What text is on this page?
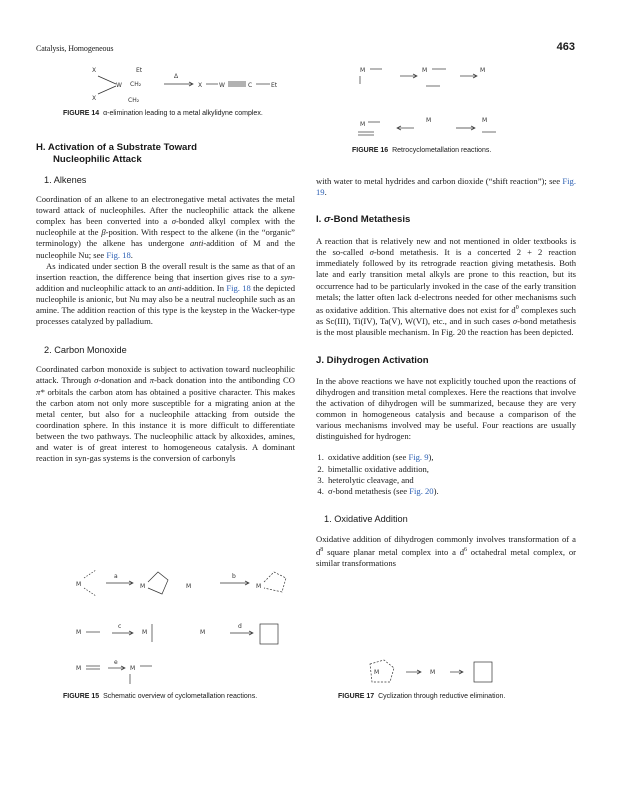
Catalysis, Homogeneous	463
X	Et
W CH₂
X	CH₂
Δ
X	W	C	Et
FIGURE 14 α-elimination leading to a metal alkylidyne complex.
H. Activation of a Substrate Toward
Nucleophilic Attack
1. Alkenes

Coordination of an alkene to an electronegative metal activates the metal toward attack of nucleophiles. After the nucleophilic attack the alkene complex has been converted into a σ-bonded alkyl complex with the nucleophile at the β-position. With respect to the alkene (in the “organic” terminology) the alkene has undergone anti-addition of M and the nucleophile Nu; see Fig. 18.

As indicated under section B the overall result is the same as that of an insertion reaction, the difference being that insertion gives rise to a syn-addition and nucleophilic attack to an anti-addition. In Fig. 18 the depicted nucleophile is anionic, but Nu may also be a neutral nucleophile such as an amine. The addition reaction of this type is the keystep in the Wacker-type processes catalyzed by palladium.

2. Carbon Monoxide

Coordinated carbon monoxide is subject to activation toward nucleophilic attack. Through σ-donation and π-back donation into the antibonding CO π* orbitals the carbon atom has obtained a positive character. This makes the carbon atom not only more susceptible for a migrating anion at the metal center, but also for a nucleophile attacking from outside the coordination sphere. In this instance it is more difficult to differentiate between the two pathways. The nucleophilic attack by alkoxides, amines, and water is of great interest to homogeneous catalysis. A dominant reaction in syn-gas systems is the conversion of carbonyls

M
a
M	M
b
M
M
c
M	M
d
M
e
M
FIGURE 15 Schematic overview of cyclometallation reactions.
M	M	M
M
M	M
FIGURE 16 Retrocyclometallation reactions.

with water to metal hydrides and carbon dioxide (“shift reaction”); see Fig. 19.

I. σ-Bond Metathesis

A reaction that is relatively new and not mentioned in older textbooks is the so-called σ-bond metathesis. It is a concerted 2 + 2 reaction immediately followed by its retrograde reaction giving metathesis. Both late and early transition metal alkyls are prone to this reaction, but its occurrence had to be particularly invoked in the case of the early transition metals; the latter often lack d-electrons needed for other mechanisms such as oxidative addition. This alternative does not exist for $d^0$ complexes such as Sc(III), Ti(IV), Ta(V), W(VI), etc., and in such cases σ-bond metathesis is the most plausible mechanism. In Fig. 20 the reaction has been depicted.

J. Dihydrogen Activation

In the above reactions we have not explicitly touched upon the reactions of dihydrogen and transition metal complexes. Here the reactions that involve the activation of dihydrogen will be summarized, because they are very common in homogeneous catalysis and because a comparison of the various mechanisms involved may be useful. Four reactions are usually distinguished for hydrogen:

1. oxidative addition (see Fig. 9),
2. bimetallic oxidative addition,
3. heterolytic cleavage, and
4. σ-bond metathesis (see Fig. 20).
1. Oxidative Addition

Oxidative addition of dihydrogen commonly involves transformation of a $d^8$ square planar metal complex into a $d^6$ octahedral metal complex, or similar transformations

M	M
FIGURE 17 Cyclization through reductive elimination.
